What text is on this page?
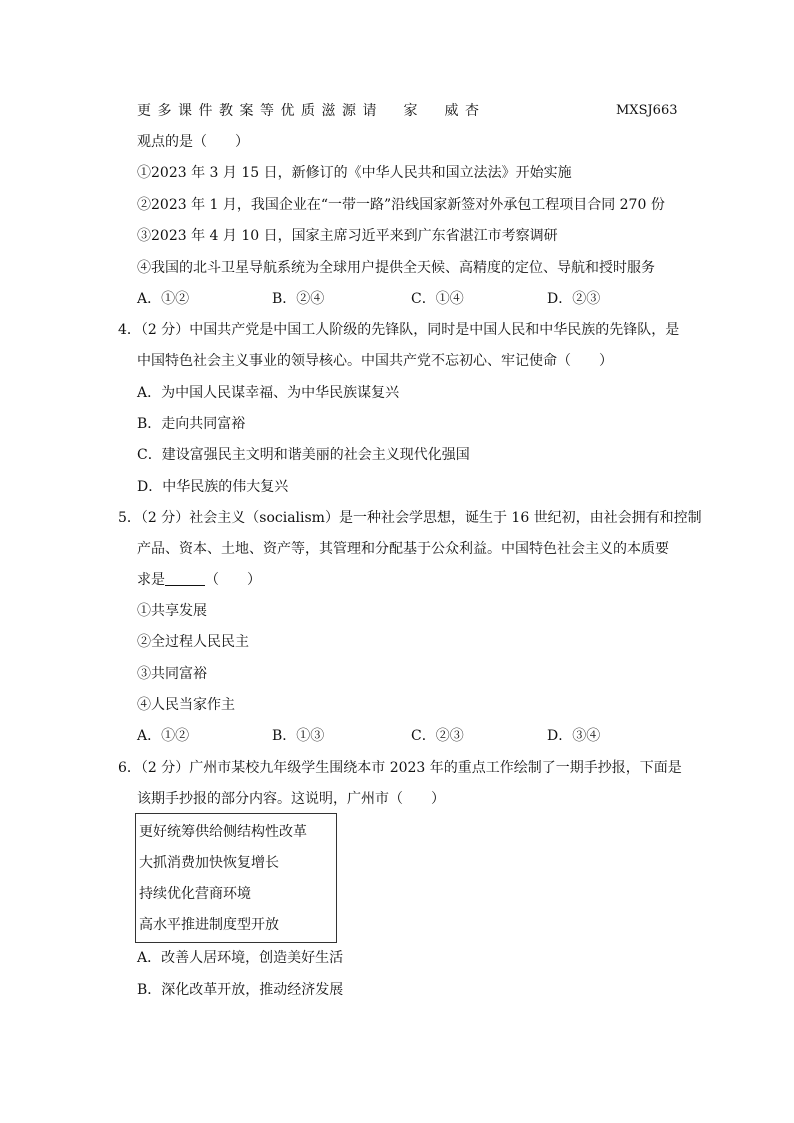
更多课件教案等优质滋源请　家　威杏	MXSJ663
观点的是（　　）
①2023 年 3 月 15 日，新修订的《中华人民共和国立法法》开始实施
②2023 年 1 月，我国企业在“一带一路”沿线国家新签对外承包工程项目合同 270 份
③2023 年 4 月 10 日，国家主席习近平来到广东省湛江市考察调研
④我国的北斗卫星导航系统为全球用户提供全天候、高精度的定位、导航和授时服务
A．①②	B．②④	C．①④	D．②③
4．（2 分）中国共产党是中国工人阶级的先锋队，同时是中国人民和中华民族的先锋队，是
中国特色社会主义事业的领导核心。中国共产党不忘初心、牢记使命（　　）
A．为中国人民谋幸福、为中华民族谋复兴
B．走向共同富裕
C．建设富强民主文明和谐美丽的社会主义现代化强国
D．中华民族的伟大复兴
5．（2 分）社会主义（socialism）是一种社会学思想，诞生于 16 世纪初，由社会拥有和控制
产品、资本、土地、资产等，其管理和分配基于公众利益。中国特色社会主义的本质要
求是	（　　）
①共享发展
②全过程人民民主
③共同富裕
④人民当家作主
A．①②	B．①③	C．②③	D．③④
6．（2 分）广州市某校九年级学生围绕本市 2023 年的重点工作绘制了一期手抄报，下面是
该期手抄报的部分内容。这说明，广州市（　　）
更好统筹供给侧结构性改革
大抓消费加快恢复增长
持续优化营商环境
高水平推进制度型开放
A．改善人居环境，创造美好生活
B．深化改革开放，推动经济发展
